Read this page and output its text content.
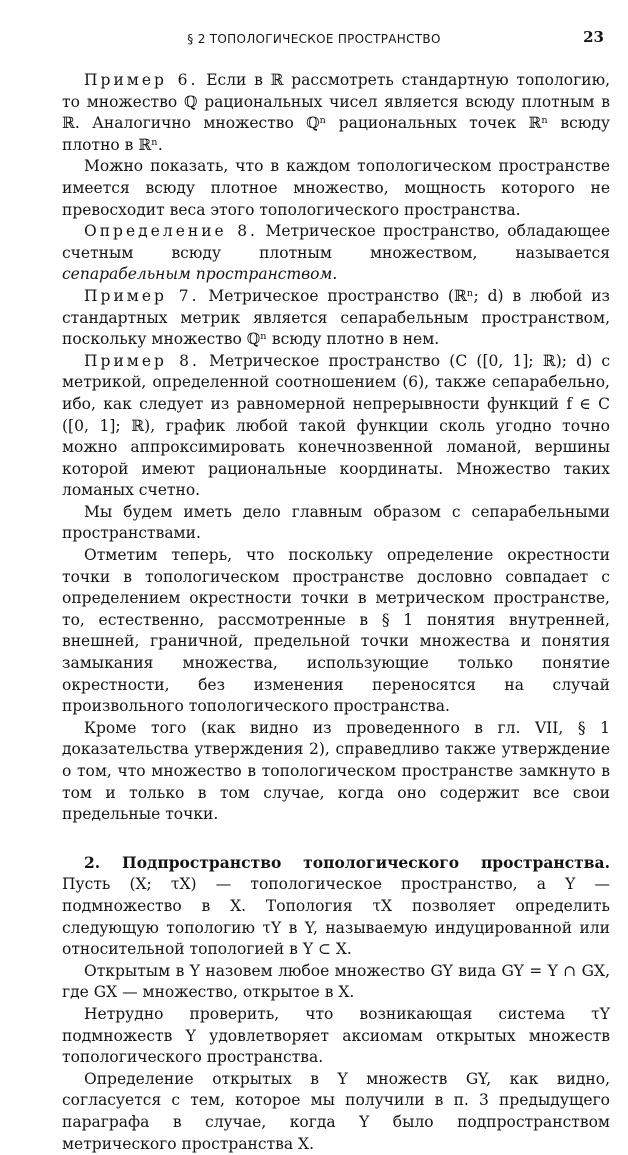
§ 2 ТОПОЛОГИЧЕСКОЕ ПРОСТРАНСТВО	23

Пример 6. Если в ℝ рассмотреть стандартную топологию, то множество ℚ рациональных чисел является всюду плотным в ℝ. Аналогично множество ℚⁿ рациональных точек ℝⁿ всюду плотно в ℝⁿ.

Можно показать, что в каждом топологическом пространстве имеется всюду плотное множество, мощность которого не превосходит веса этого топологического пространства.

Определение 8. Метрическое пространство, обладающее счетным всюду плотным множеством, называется сепарабельным пространством.

Пример 7. Метрическое пространство (ℝⁿ; d) в любой из стандартных метрик является сепарабельным пространством, поскольку множество ℚⁿ всюду плотно в нем.

Пример 8. Метрическое пространство (C ([0, 1]; ℝ); d) с метрикой, определенной соотношением (6), также сепарабельно, ибо, как следует из равномерной непрерывности функций f ∈ C ([0, 1]; ℝ), график любой такой функции сколь угодно точно можно аппроксимировать конечнозвенной ломаной, вершины которой имеют рациональные координаты. Множество таких ломаных счетно.

Мы будем иметь дело главным образом с сепарабельными пространствами.

Отметим теперь, что поскольку определение окрестности точки в топологическом пространстве дословно совпадает с определением окрестности точки в метрическом пространстве, то, естественно, рассмотренные в § 1 понятия внутренней, внешней, граничной, предельной точки множества и понятия замыкания множества, использующие только понятие окрестности, без изменения переносятся на случай произвольного топологического пространства.

Кроме того (как видно из проведенного в гл. VII, § 1 доказательства утверждения 2), справедливо также утверждение о том, что множество в топологическом пространстве замкнуто в том и только в том случае, когда оно содержит все свои предельные точки.

2. Подпространство топологического пространства. Пусть (X; τX) — топологическое пространство, а Y — подмножество в X. Топология τX позволяет определить следующую топологию τY в Y, называемую индуцированной или относительной топологией в Y ⊂ X.

Открытым в Y назовем любое множество GY вида GY = Y ∩ GX, где GX — множество, открытое в X.

Нетрудно проверить, что возникающая система τY подмножеств Y удовлетворяет аксиомам открытых множеств топологического пространства.

Определение открытых в Y множеств GY, как видно, согласуется с тем, которое мы получили в п. 3 предыдущего параграфа в случае, когда Y было подпространством метрического пространства X.
